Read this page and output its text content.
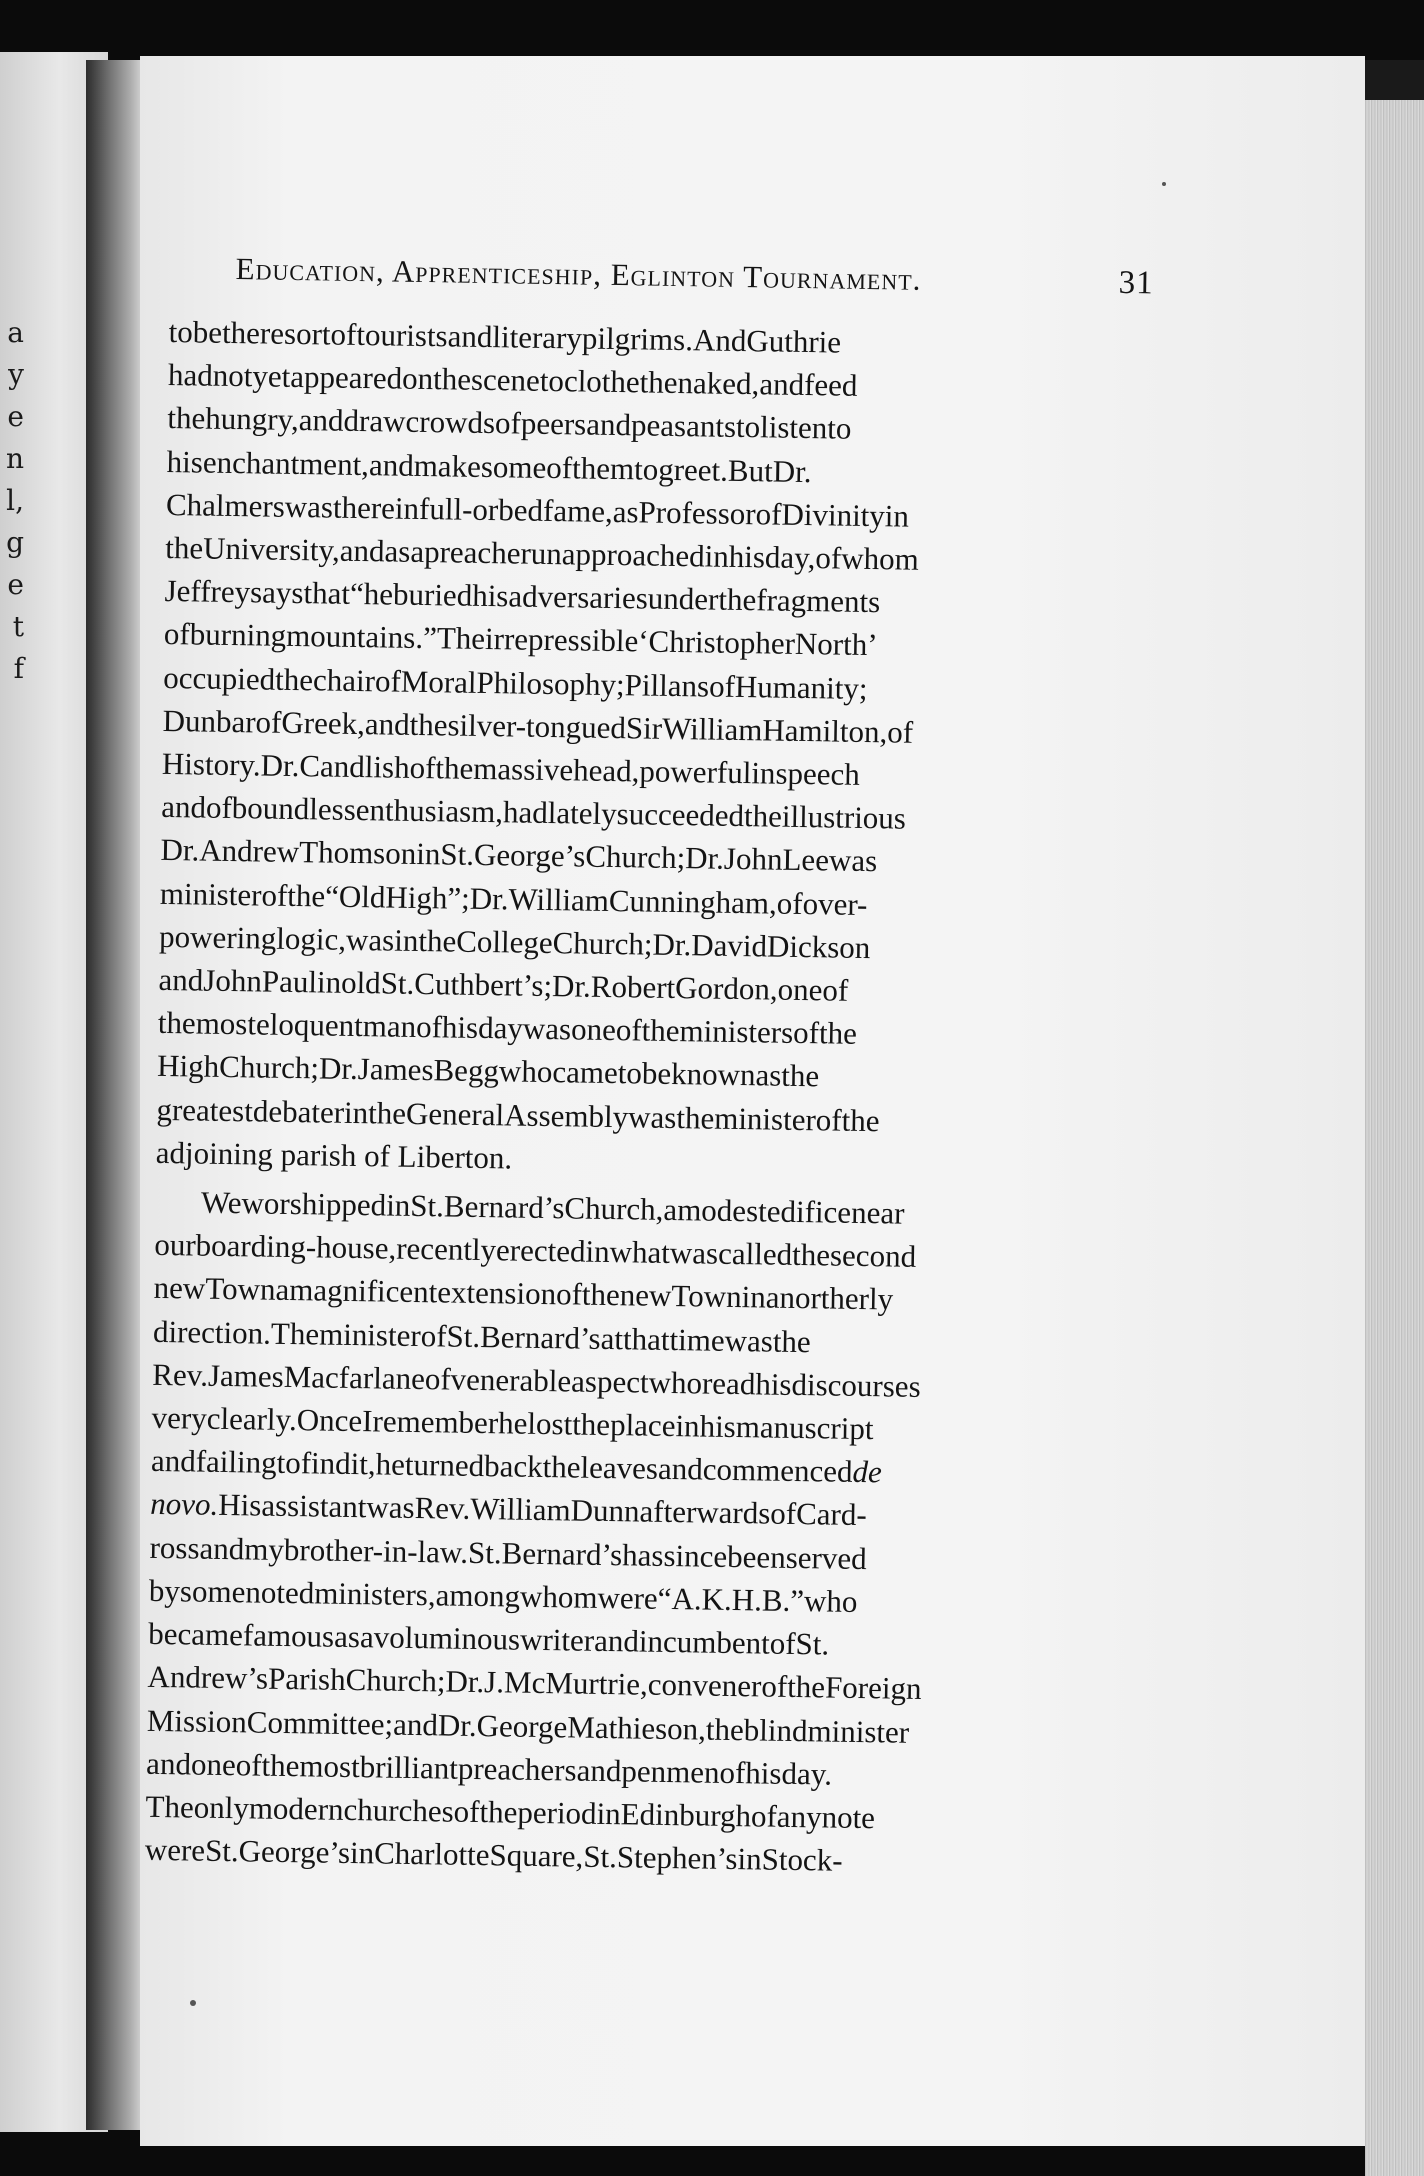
a
y
e
n
l,
g
e
t
f
Education, Apprenticeship, Eglinton Tournament.	31
tobetheresortoftouristsandliterarypilgrims.AndGuthrie
hadnotyetappearedonthescenetoclothethenaked,andfeed
thehungry,anddrawcrowdsofpeersandpeasantstolistento
hisenchantment,andmakesomeofthemtogreet.ButDr.
Chalmerswasthereinfull-orbedfame,asProfessorofDivinityin
theUniversity,andasapreacherunapproachedinhisday,ofwhom
Jeffreysaysthat“heburiedhisadversariesunderthefragments
ofburningmountains.”Theirrepressible‘ChristopherNorth’
occupiedthechairofMoralPhilosophy;PillansofHumanity;
DunbarofGreek,andthesilver-tonguedSirWilliamHamilton,of
History.Dr.Candlishofthemassivehead,powerfulinspeech
andofboundlessenthusiasm,hadlatelysucceededtheillustrious
Dr.AndrewThomsoninSt.George’sChurch;Dr.JohnLeewas
ministerofthe“OldHigh”;Dr.WilliamCunningham,ofover-
poweringlogic,wasintheCollegeChurch;Dr.DavidDickson
andJohnPaulinoldSt.Cuthbert’s;Dr.RobertGordon,oneof
themosteloquentmanofhisdaywasoneoftheministersofthe
HighChurch;Dr.JamesBeggwhocametobeknownasthe
greatestdebaterintheGeneralAssemblywastheministerofthe
adjoining parish of Liberton.
WeworshippedinSt.Bernard’sChurch,amodestedificenear
ourboarding-house,recentlyerectedinwhatwascalledthesecond
newTownamagnificentextensionofthenewTowninanortherly
direction.TheministerofSt.Bernard’satthattimewasthe
Rev.JamesMacfarlaneofvenerableaspectwhoreadhisdiscourses
veryclearly.OnceIrememberhelosttheplaceinhismanuscript
andfailingtofindit,heturnedbacktheleavesandcommencedde
novo.HisassistantwasRev.WilliamDunnafterwardsofCard-
rossandmybrother-in-law.St.Bernard’shassincebeenserved
bysomenotedministers,amongwhomwere“A.K.H.B.”who
becamefamousasavoluminouswriterandincumbentofSt.
Andrew’sParishChurch;Dr.J.McMurtrie,conveneroftheForeign
MissionCommittee;andDr.GeorgeMathieson,theblindminister
andoneofthemostbrilliantpreachersandpenmenofhisday.
TheonlymodernchurchesoftheperiodinEdinburghofanynote
wereSt.George’sinCharlotteSquare,St.Stephen’sinStock-
